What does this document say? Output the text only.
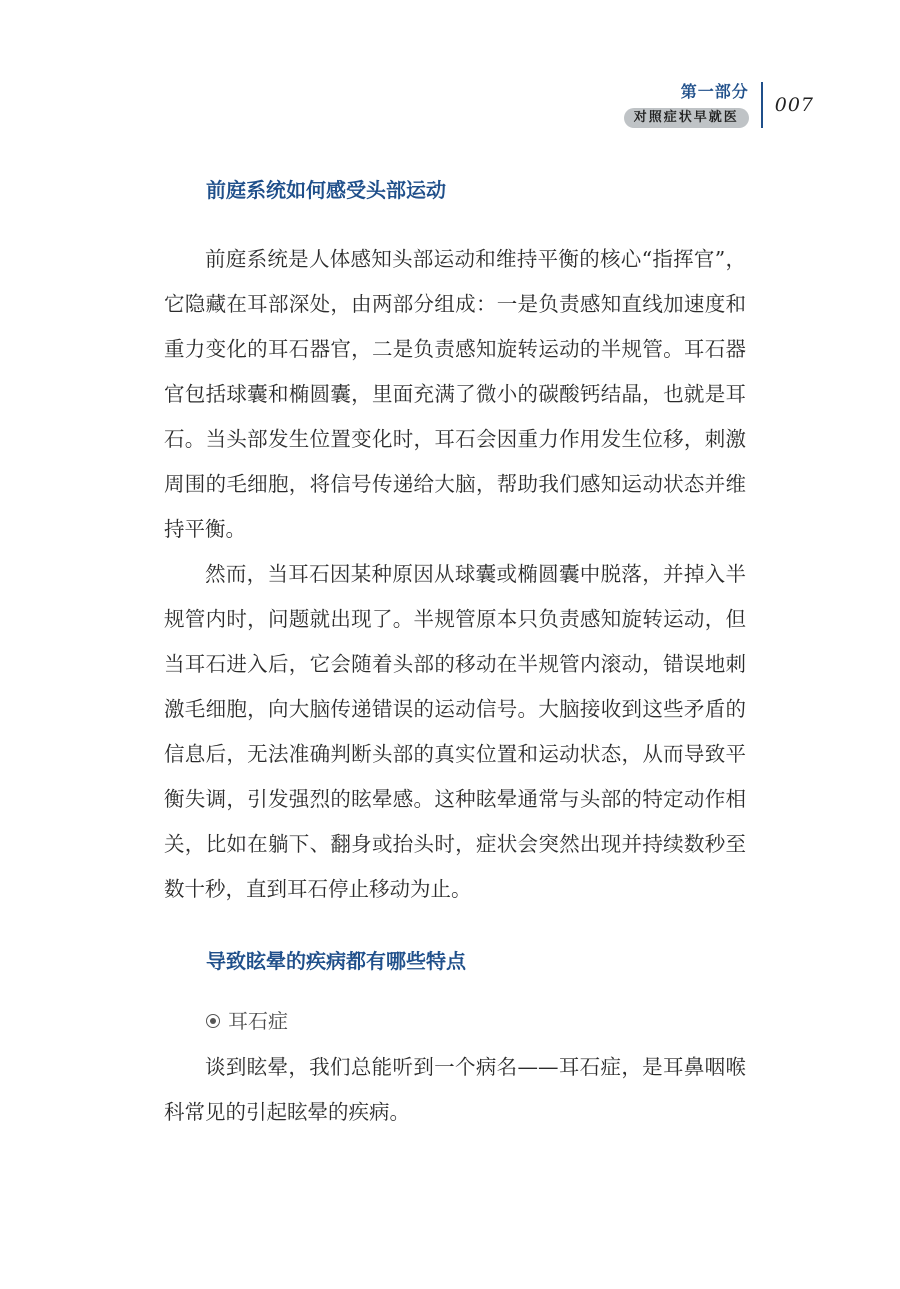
第一部分
对照症状早就医
007
前庭系统如何感受头部运动

前庭系统是人体感知头部运动和维持平衡的核心“指挥官”，它隐藏在耳部深处，由两部分组成：一是负责感知直线加速度和重力变化的耳石器官，二是负责感知旋转运动的半规管。耳石器官包括球囊和椭圆囊，里面充满了微小的碳酸钙结晶，也就是耳石。当头部发生位置变化时，耳石会因重力作用发生位移，刺激周围的毛细胞，将信号传递给大脑，帮助我们感知运动状态并维持平衡。

然而，当耳石因某种原因从球囊或椭圆囊中脱落，并掉入半规管内时，问题就出现了。半规管原本只负责感知旋转运动，但当耳石进入后，它会随着头部的移动在半规管内滚动，错误地刺激毛细胞，向大脑传递错误的运动信号。大脑接收到这些矛盾的信息后，无法准确判断头部的真实位置和运动状态，从而导致平衡失调，引发强烈的眩晕感。这种眩晕通常与头部的特定动作相关，比如在躺下、翻身或抬头时，症状会突然出现并持续数秒至数十秒，直到耳石停止移动为止。

导致眩晕的疾病都有哪些特点
耳石症

谈到眩晕，我们总能听到一个病名——耳石症，是耳鼻咽喉科常见的引起眩晕的疾病。
